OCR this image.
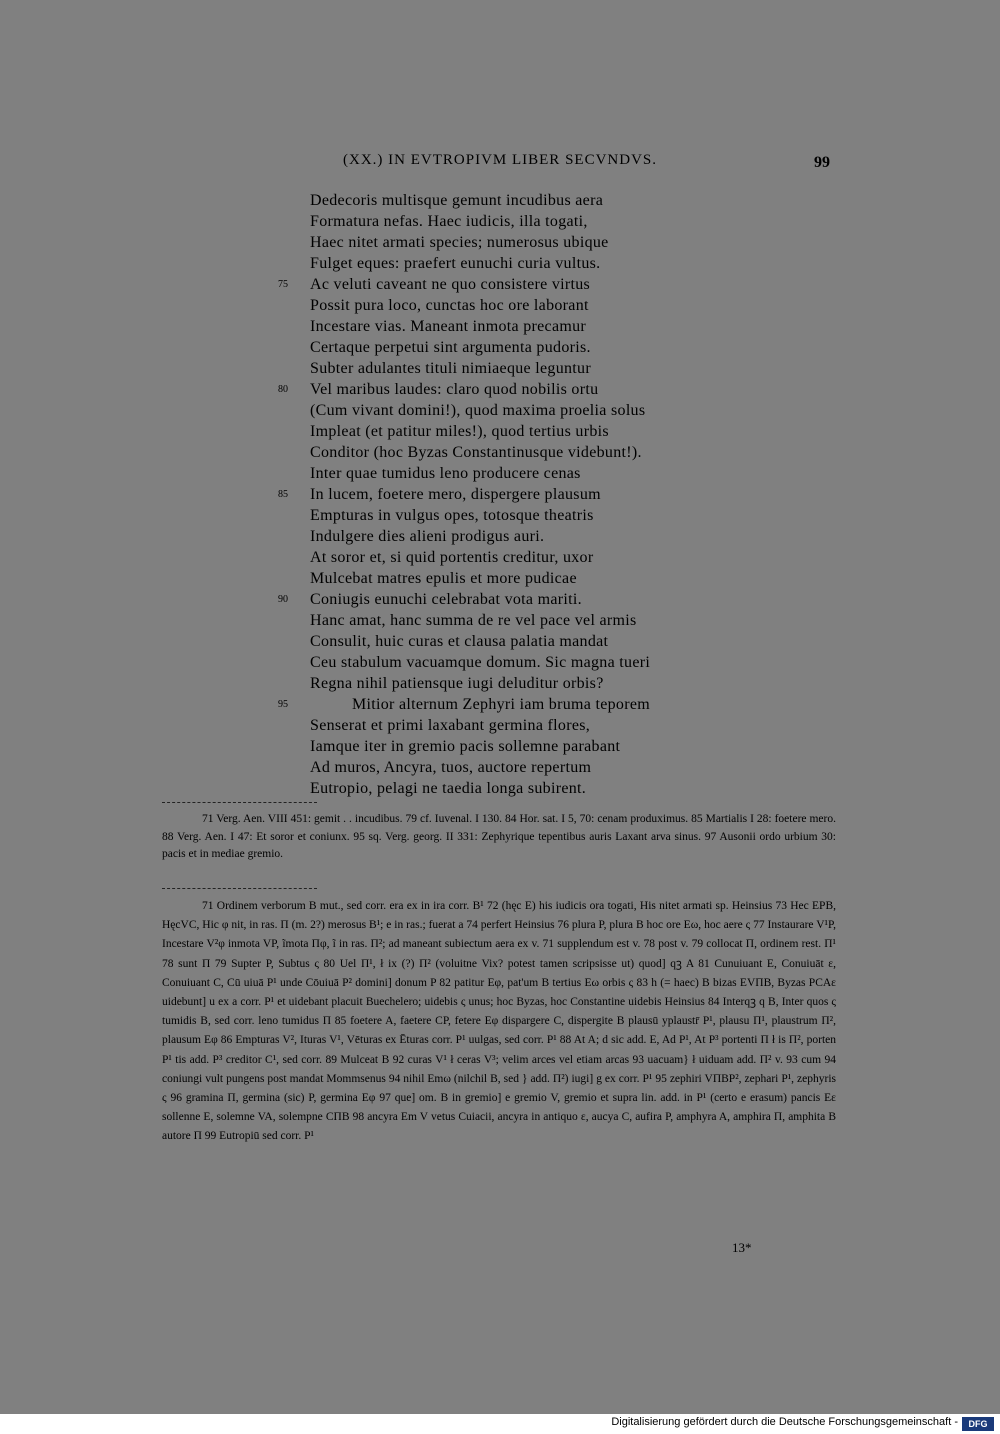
(XX.) IN EVTROPIVM LIBER SECVNDVS.	99
Dedecoris multisque gemunt incudibus aera
Formatura nefas. Haec iudicis, illa togati,
Haec nitet armati species; numerosus ubique
Fulget eques: praefert eunuchi curia vultus.
Ac veluti caveant ne quo consistere virtus
Possit pura loco, cunctas hoc ore laborant
Incestare vias. Maneant inmota precamur
Certaque perpetui sint argumenta pudoris.
Subter adulantes tituli nimiaeque leguntur
Vel maribus laudes: claro quod nobilis ortu
(Cum vivant domini!), quod maxima proelia solus
Impleat (et patitur miles!), quod tertius urbis
Conditor (hoc Byzas Constantinusque videbunt!).
Inter quae tumidus leno producere cenas
In lucem, foetere mero, dispergere plausum
Empturas in vulgus opes, totosque theatris
Indulgere dies alieni prodigus auri.
At soror et, si quid portentis creditur, uxor
Mulcebat matres epulis et more pudicae
Coniugis eunuchi celebrabat vota mariti.
Hanc amat, hanc summa de re vel pace vel armis
Consulit, huic curas et clausa palatia mandat
Ceu stabulum vacuamque domum. Sic magna tueri
Regna nihil patiensque iugi deluditur orbis?
Mitior alternum Zephyri iam bruma teporem
Senserat et primi laxabant germina flores,
Iamque iter in gremio pacis sollemne parabant
Ad muros, Ancyra, tuos, auctore repertum
Eutropio, pelagi ne taedia longa subirent.
75
80
85
90
95

71 Verg. Aen. VIII 451: gemit . . incudibus. 79 cf. Iuvenal. I 130. 84 Hor. sat. I 5, 70: cenam produximus. 85 Martialis I 28: foetere mero. 88 Verg. Aen. I 47: Et soror et coniunx. 95 sq. Verg. georg. II 331: Zephyrique tepentibus auris Laxant arva sinus. 97 Ausonii ordo urbium 30: pacis et in mediae gremio.

71 Ordinem verborum B mut., sed corr. era ex in ira corr. B¹ 72 (hęc E) his iudicis ora togati, His nitet armati sp. Heinsius 73 Hec EPB, HęcVC, Hic φ nit, in ras. Π (m. 2?) merosus B¹; e in ras.; fuerat a 74 perfert Heinsius 76 plura P, plura B hoc ore Eω, hoc aere ς 77 Instaurare V¹P, Incestare V²φ inmota VP, ĩmota Πφ, ĩ in ras. Π²; ad maneant subiectum aera ex v. 71 supplendum est v. 78 post v. 79 collocat Π, ordinem rest. Π¹ 78 sunt Π 79 Supter P, Subtus ς 80 Uel Π¹, ł ix (?) Π² (voluitne Vix? potest tamen scripsisse ut) quod] qꝫ A 81 Cunuiuant E, Conuiuāt ε, Conuiuant C, Cū uiuā P¹ unde Cōuiuā P² domini] donum P 82 patitur Eφ, pat'um B tertius Eω orbis ς 83 h (= haec) B bizas EVΠB, Byzas PCAε uidebunt] u ex a corr. P¹ et uidebant placuit Buechelero; uidebis ς unus; hoc Byzas, hoc Constantine uidebis Heinsius 84 Interqꝫ q B, Inter quos ς tumidis B, sed corr. leno tumidus Π 85 foetere A, faetere CP, fetere Eφ dispargere C, dispergite B plausū yplaustr̄ P¹, plausu Π¹, plaustrum Π², plausum Eφ 86 Empturas V², Ituras V¹, Vēturas ex Ēturas corr. P¹ uulgas, sed corr. P¹ 88 At A; d sic add. E, Ad P¹, At P³ portenti Π ł is Π², porten P¹ tis add. P³ creditor C¹, sed corr. 89 Mulceat B 92 curas V¹ ł ceras V³; velim arces vel etiam arcas 93 uacuam} ł uiduam add. Π² v. 93 cum 94 coniungi vult pungens post mandat Mommsenus 94 nihil Emω (nilchil B, sed } add. Π²) iugi] g ex corr. P¹ 95 zephiri VΠBP², zephari P¹, zephyris ς 96 gramina Π, germina (sic) P, germina Eφ 97 que] om. B in gremio] e gremio V, gremio et supra lin. add. in P¹ (certo e erasum) pancis Eε sollenne E, solemne VA, solempne CΠB 98 ancyra Em V vetus Cuiacii, ancyra in antiquo ε, aucya C, aufira P, amphyra A, amphira Π, amphita B autore Π 99 Eutropiū sed corr. P¹

13*
Digitalisierung gefördert durch die Deutsche Forschungsgemeinschaft -	DFG
